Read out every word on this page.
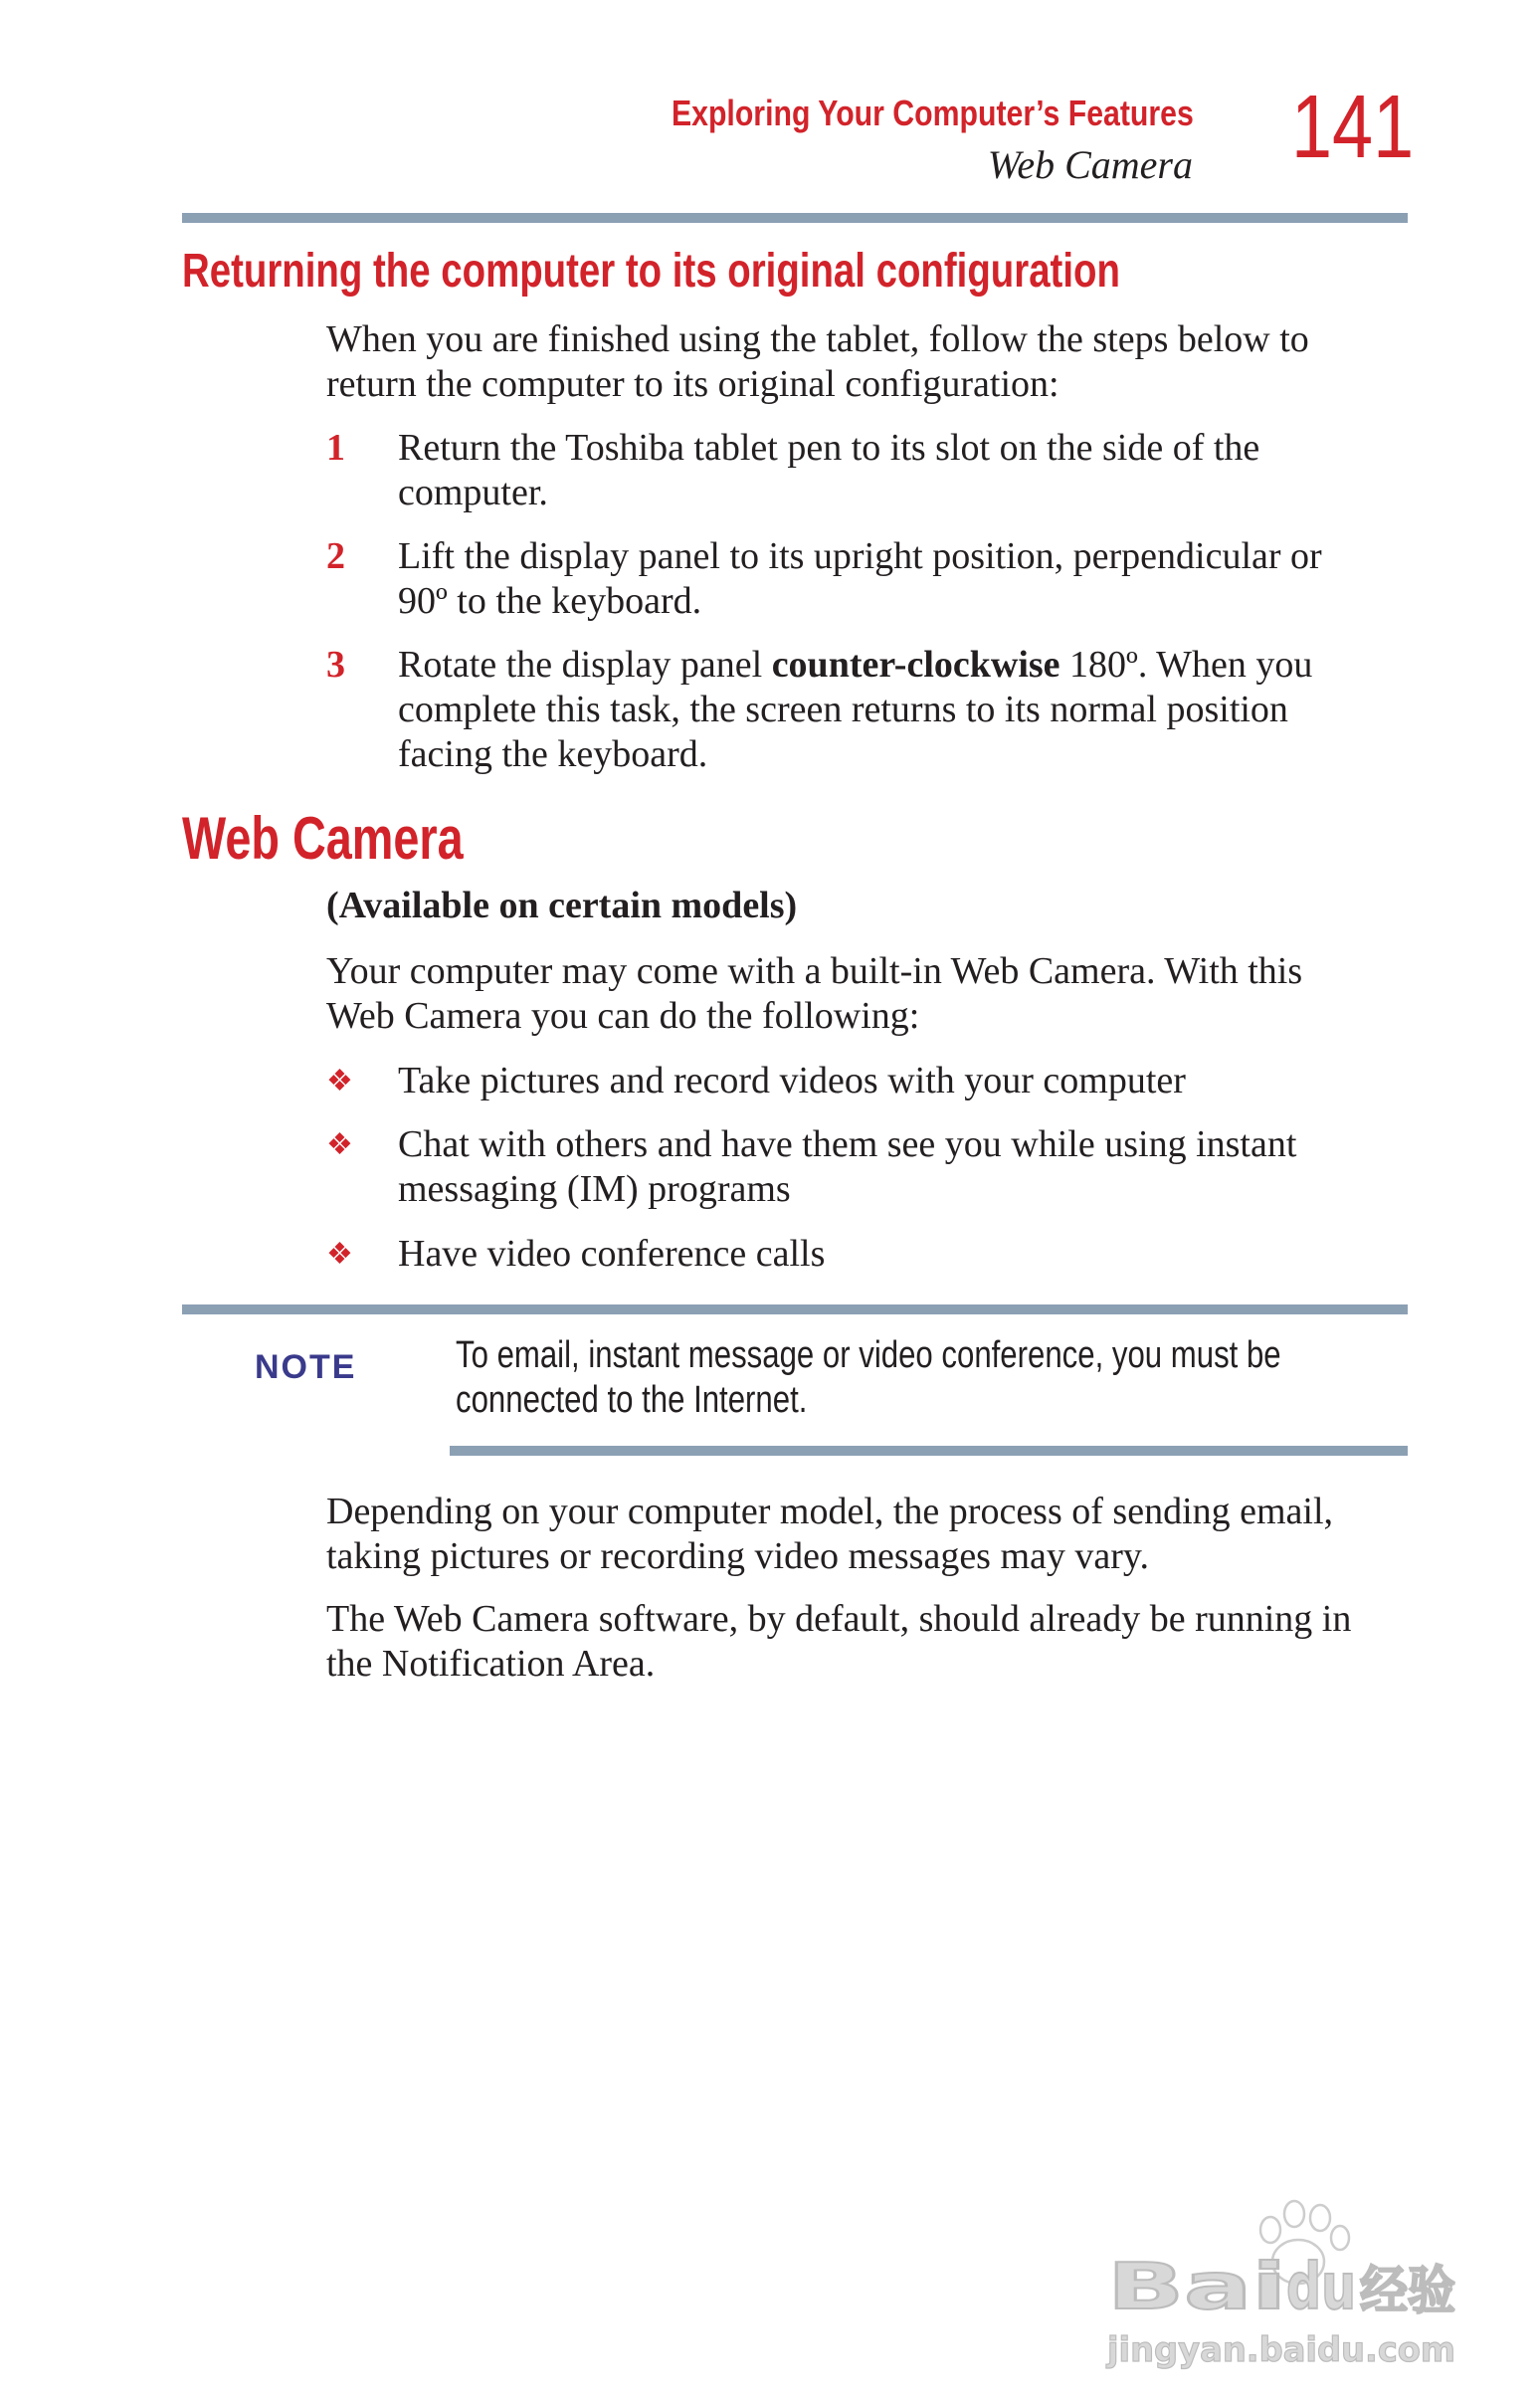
Exploring Your Computer’s Features
Web Camera 141
Returning the computer to its original configuration
When you are finished using the tablet, follow the steps below to
return the computer to its original configuration:
1 Return the Toshiba tablet pen to its slot on the side of the
computer.
2 Lift the display panel to its upright position, perpendicular or
90º to the keyboard.
3 Rotate the display panel counter-clockwise 180º. When you
complete this task, the screen returns to its normal position
facing the keyboard.
Web Camera
(Available on certain models)
Your computer may come with a built-in Web Camera. With this
Web Camera you can do the following:
❖ Take pictures and record videos with your computer
❖ Chat with others and have them see you while using instant
messaging (IM) programs
❖ Have video conference calls
NOTE	To email, instant message or video conference, you must be
connected to the Internet.
Depending on your computer model, the process of sending email,
taking pictures or recording video messages may vary.
The Web Camera software, by default, should already be running in
the Notification Area.
Bai du 经验
jingyan.baidu.com
